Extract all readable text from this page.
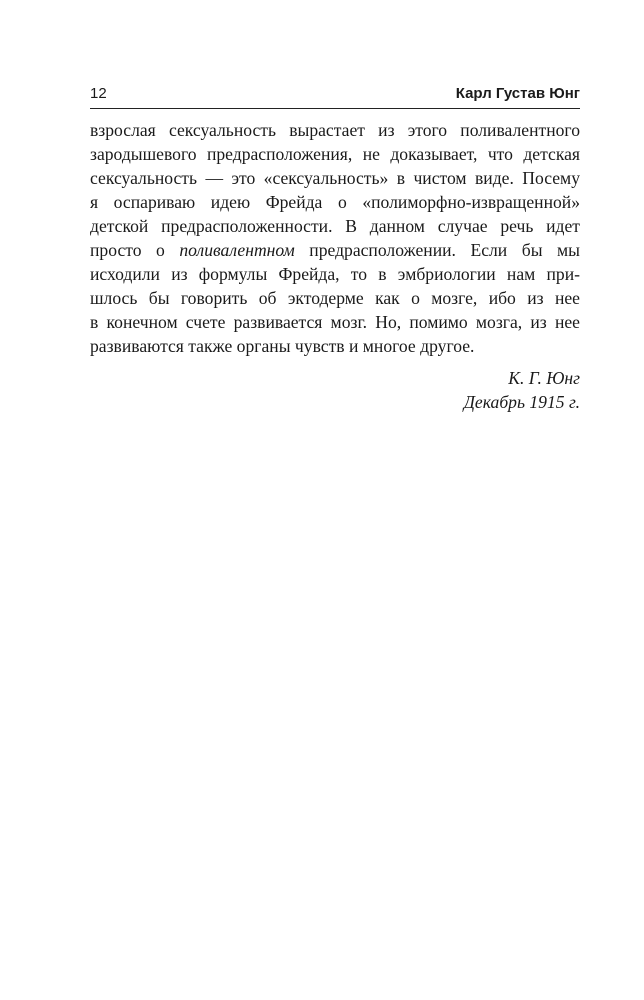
12	Карл Густав Юнг
взрослая сексуальность вырастает из этого поливалентного
зародышевого предрасположения, не доказывает, что детская
сексуальность — это «сексуальность» в чистом виде. Посему
я оспариваю идею Фрейда о «полиморфно-извращенной»
детской предрасположенности. В данном случае речь идет
просто о поливалентном предрасположении. Если бы мы
исходили из формулы Фрейда, то в эмбриологии нам при-
шлось бы говорить об эктодерме как о мозге, ибо из нее
в конечном счете развивается мозг. Но, помимо мозга, из нее
развиваются также органы чувств и многое другое.
К. Г. Юнг
Декабрь 1915 г.
